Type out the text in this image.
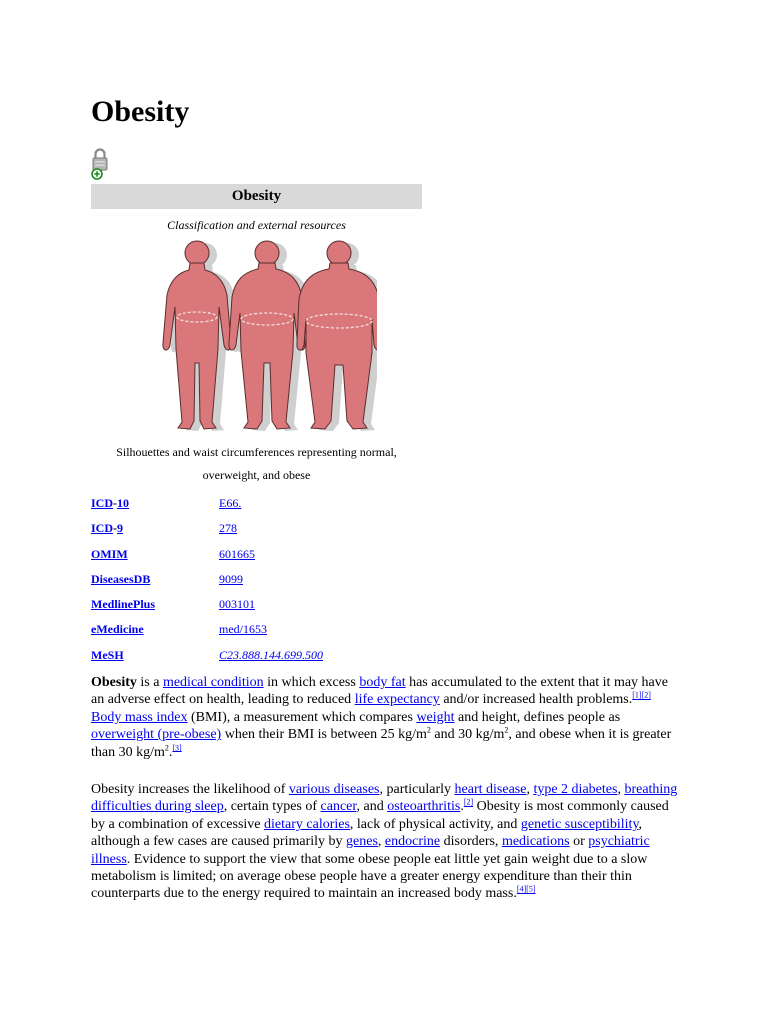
Obesity
Obesity
Classification and external resources
Silhouettes and waist circumferences representing normal, overweight, and obese
ICD-10	E66.
ICD-9	278
OMIM	601665
DiseasesDB	9099
MedlinePlus	003101
eMedicine	med/1653
MeSH	C23.888.144.699.500

Obesity is a medical condition in which excess body fat has accumulated to the extent that it may have an adverse effect on health, leading to reduced life expectancy and/or increased health problems.[1][2] Body mass index (BMI), a measurement which compares weight and height, defines people as overweight (pre-obese) when their BMI is between 25 $kg/m^2$ and 30 $kg/m^2$, and obese when it is greater than 30 $kg/m^2.[3]$

Obesity increases the likelihood of various diseases, particularly heart disease, type 2 diabetes, breathing difficulties during sleep, certain types of cancer, and osteoarthritis.[2] Obesity is most commonly caused by a combination of excessive dietary calories, lack of physical activity, and genetic susceptibility, although a few cases are caused primarily by genes, endocrine disorders, medications or psychiatric illness. Evidence to support the view that some obese people eat little yet gain weight due to a slow metabolism is limited; on average obese people have a greater energy expenditure than their thin counterparts due to the energy required to maintain an increased body mass.[4][5]
